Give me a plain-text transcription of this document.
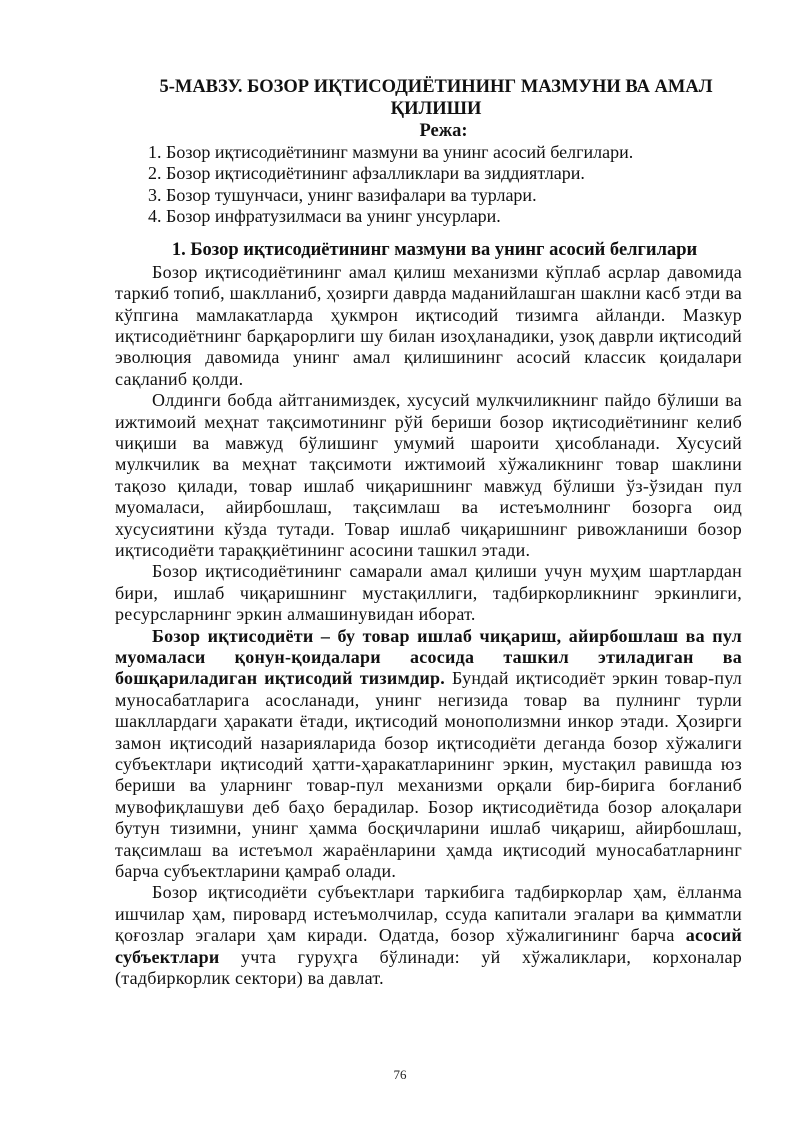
5-МАВЗУ. БОЗОР ИҚТИСОДИЁТИНИНГ МАЗМУНИ ВА АМАЛ ҚИЛИШИ
Режа:
1. Бозор иқтисодиётининг мазмуни ва унинг асосий белгилари.
2. Бозор иқтисодиётининг афзалликлари ва зиддиятлари.
3. Бозор тушунчаси, унинг вазифалари ва турлари.
4. Бозор инфратузилмаси ва унинг унсурлари.
1. Бозор иқтисодиётининг мазмуни ва унинг асосий белгилари

Бозор иқтисодиётининг амал қилиш механизми кўплаб асрлар давомида таркиб топиб, шаклланиб, ҳозирги даврда маданийлашган шаклни касб этди ва кўпгина мамлакатларда ҳукмрон иқтисодий тизимга айланди. Мазкур иқтисодиётнинг барқарорлиги шу билан изоҳланадики, узоқ даврли иқтисодий эволюция давомида унинг амал қилишининг асосий классик қоидалари сақланиб қолди.

Олдинги бобда айтганимиздек, хусусий мулкчиликнинг пайдо бўлиши ва ижтимоий меҳнат тақсимотининг рўй бериши бозор иқтисодиётининг келиб чиқиши ва мавжуд бўлишинг умумий шароити ҳисобланади. Хусусий мулкчилик ва меҳнат тақсимоти ижтимоий хўжаликнинг товар шаклини тақозо қилади, товар ишлаб чиқаришнинг мавжуд бўлиши ўз-ўзидан пул муомаласи, айирбошлаш, тақсимлаш ва истеъмолнинг бозорга оид хусусиятини кўзда тутади. Товар ишлаб чиқаришнинг ривожланиши бозор иқтисодиёти тараққиётининг асосини ташкил этади.

Бозор иқтисодиётининг самарали амал қилиши учун муҳим шартлардан бири, ишлаб чиқаришнинг мустақиллиги, тадбиркорликнинг эркинлиги, ресурсларнинг эркин алмашинувидан иборат.

Бозор иқтисодиёти – бу товар ишлаб чиқариш, айирбошлаш ва пул муомаласи қонун-қоидалари асосида ташкил этиладиган ва бошқариладиган иқтисодий тизимдир. Бундай иқтисодиёт эркин товар-пул муносабатларига асосланади, унинг негизида товар ва пулнинг турли шакллардаги ҳаракати ётади, иқтисодий монополизмни инкор этади. Ҳозирги замон иқтисодий назарияларида бозор иқтисодиёти деганда бозор хўжалиги субъектлари иқтисодий ҳатти-ҳаракатларининг эркин, мустақил равишда юз бериши ва уларнинг товар-пул механизми орқали бир-бирига боғланиб мувофиқлашуви деб баҳо берадилар. Бозор иқтисодиётида бозор алоқалари бутун тизимни, унинг ҳамма босқичларини ишлаб чиқариш, айирбошлаш, тақсимлаш ва истеъмол жараёнларини ҳамда иқтисодий муносабатларнинг барча субъектларини қамраб олади.

Бозор иқтисодиёти субъектлари таркибига тадбиркорлар ҳам, ёлланма ишчилар ҳам, пировард истеъмолчилар, ссуда капитали эгалари ва қимматли қоғозлар эгалари ҳам киради. Одатда, бозор хўжалигининг барча асосий субъектлари учта гуруҳга бўлинади: уй хўжаликлари, корхоналар (тадбиркорлик сектори) ва давлат.

76
